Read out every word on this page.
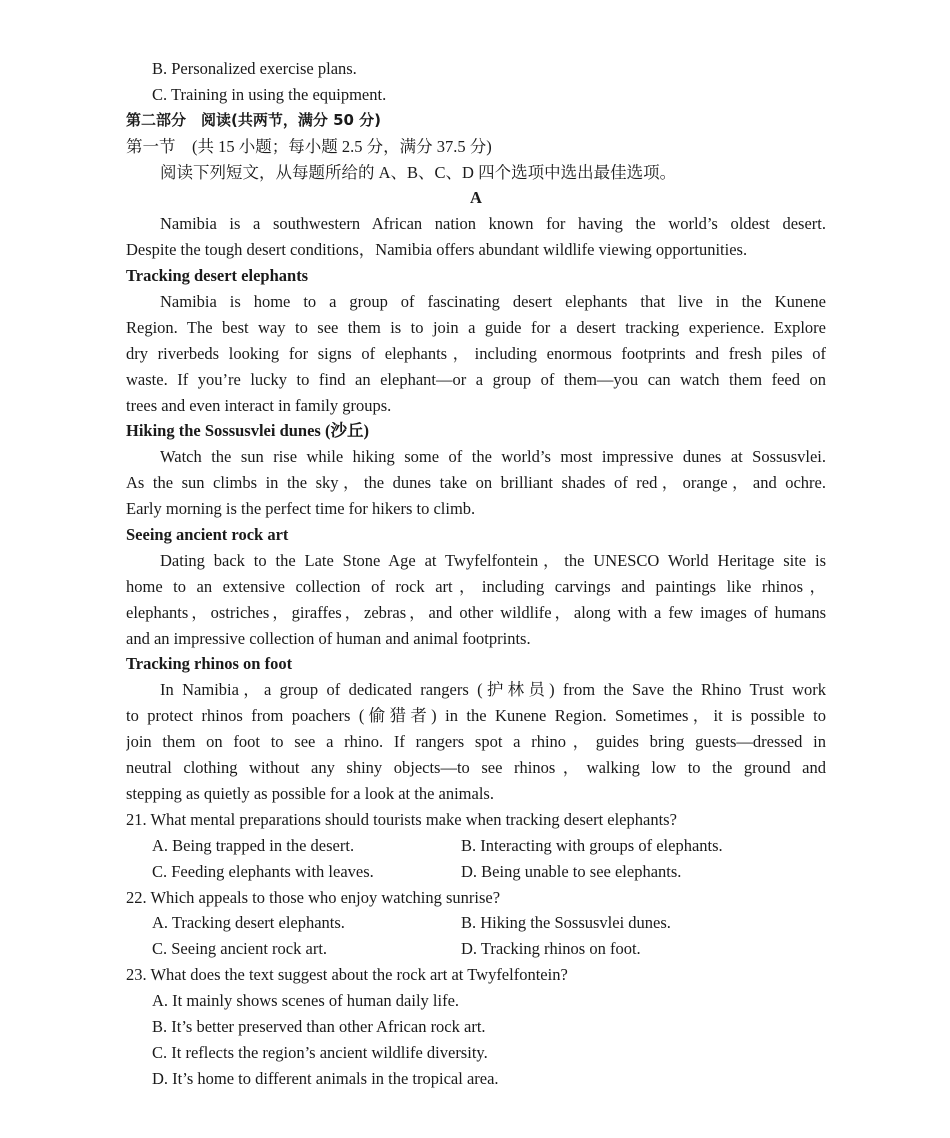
B. Personalized exercise plans.
C. Training in using the equipment.
第二部分　阅读(共两节，满分 50 分)
第一节　(共 15 小题；每小题 2.5 分，满分 37.5 分)
阅读下列短文，从每题所给的 A、B、C、D 四个选项中选出最佳选项。
A
Namibia is a southwestern African nation known for having the world’s oldest desert.
Despite the tough desert conditions，Namibia offers abundant wildlife viewing opportunities.
Tracking desert elephants
Namibia is home to a group of fascinating desert elephants that live in the Kunene
Region. The best way to see them is to join a guide for a desert tracking experience. Explore
dry riverbeds looking for signs of elephants，including enormous footprints and fresh piles of
waste. If you’re lucky to find an elephant—or a group of them—you can watch them feed on
trees and even interact in family groups.
Hiking the Sossusvlei dunes (沙丘)
Watch the sun rise while hiking some of the world’s most impressive dunes at Sossusvlei.
As the sun climbs in the sky，the dunes take on brilliant shades of red，orange，and ochre.
Early morning is the perfect time for hikers to climb.
Seeing ancient rock art
Dating back to the Late Stone Age at Twyfelfontein，the UNESCO World Heritage site is
home to an extensive collection of rock art，including carvings and paintings like rhinos，
elephants，ostriches，giraffes，zebras，and other wildlife，along with a few images of humans
and an impressive collection of human and animal footprints.
Tracking rhinos on foot
In Namibia，a group of dedicated rangers (护林员) from the Save the Rhino Trust work
to protect rhinos from poachers (偷猎者) in the Kunene Region. Sometimes，it is possible to
join them on foot to see a rhino. If rangers spot a rhino，guides bring guests—dressed in
neutral clothing without any shiny objects—to see rhinos，walking low to the ground and
stepping as quietly as possible for a look at the animals.
21. What mental preparations should tourists make when tracking desert elephants?
A. Being trapped in the desert.	B. Interacting with groups of elephants.
C. Feeding elephants with leaves.	D. Being unable to see elephants.
22. Which appeals to those who enjoy watching sunrise?
A. Tracking desert elephants.	B. Hiking the Sossusvlei dunes.
C. Seeing ancient rock art.	D. Tracking rhinos on foot.
23. What does the text suggest about the rock art at Twyfelfontein?
A. It mainly shows scenes of human daily life.
B. It’s better preserved than other African rock art.
C. It reflects the region’s ancient wildlife diversity.
D. It’s home to different animals in the tropical area.
